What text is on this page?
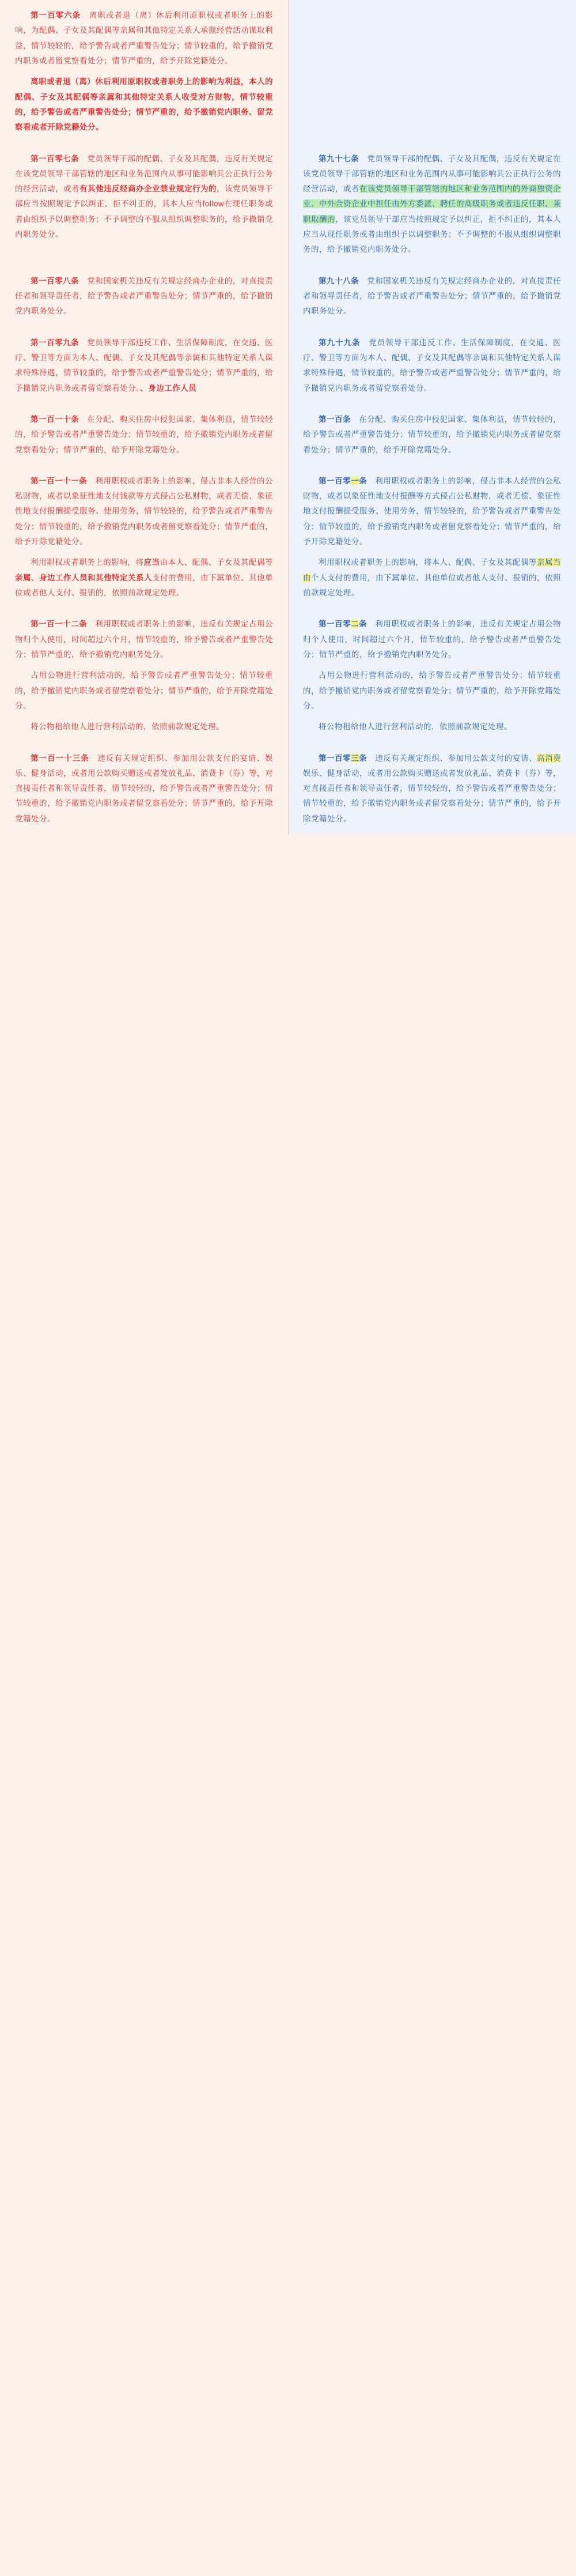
第一百零六条　离职或者退（离）休后利用原职权或者职务上的影响，为配偶、子女及其配偶等亲属和其他特定关系人承揽经营活动谋取利益，情节较轻的，给予警告或者严重警告处分；情节较重的，给予撤销党内职务或者留党察看处分；情节严重的，给予开除党籍处分。
离职或者退（离）休后利用原职权或者职务上的影响为利益，本人的配偶、子女及其配偶等亲属和其他特定关系人收受对方财物，情节较重的，给予警告或者严重警告处分；情节严重的，给予撤销党内职务、留党察看或者开除党籍处分。
第一百零七条　党员领导干部的配偶、子女及其配偶，违反有关规定在该党员领导干部管辖的地区和业务范围内从事可能影响其公正执行公务的经营活动，或者有其他违反经商办企业禁业规定行为的，该党员领导干部应当按照规定予以纠正，拒不纠正的，其本人应当follow在现任职务或者由组织予以调整职务；不予调整的不服从组织调整职务的，给予撤销党内职务处分。
第九十七条　党员领导干部的配偶、子女及其配偶，违反有关规定在该党员领导干部管辖的地区和业务范围内从事可能影响其公正执行公务的经营活动，或者在该党员领导干部管辖的地区和业务范围内的外商独资企业、中外合资企业中担任由外方委派、聘任的高级职务或者违反任职、兼职取酬的，该党员领导干部应当按照规定予以纠正，拒不纠正的，其本人应当从现任职务或者由组织予以调整职务；不予调整的不服从组织调整职务的，给予撤销党内职务处分。
第一百零八条　党和国家机关违反有关规定经商办企业的，对直接责任者和领导责任者，给予警告或者严重警告处分；情节严重的，给予撤销党内职务处分。
第九十八条　党和国家机关违反有关规定经商办企业的，对直接责任者和领导责任者，给予警告或者严重警告处分；情节严重的，给予撤销党内职务处分。
第一百零九条　党员领导干部违反工作、生活保障制度，在交通、医疗、警卫等方面为本人、配偶、子女及其配偶等亲属和其他特定关系人谋求特殊待遇，情节较重的，给予警告或者严重警告处分；情节严重的，给予撤销党内职务或者留党察看处分。、身边工作人员
第九十九条　党员领导干部违反工作、生活保障制度，在交通、医疗、警卫等方面为本人、配偶、子女及其配偶等亲属和其他特定关系人谋求特殊待遇，情节较重的，给予警告或者严重警告处分；情节严重的，给予撤销党内职务或者留党察看处分。
第一百一十条　在分配、购买住房中侵犯国家、集体利益，情节较轻的，给予警告或者严重警告处分；情节较重的，给予撤销党内职务或者留党察看处分；情节严重的，给予开除党籍处分。
第一百条　在分配、购买住房中侵犯国家、集体利益，情节较轻的，给予警告或者严重警告处分；情节较重的，给予撤销党内职务或者留党察看处分；情节严重的，给予开除党籍处分。
第一百一十一条　利用职权或者职务上的影响，侵占非本人经营的公私财物，或者以象征性地支付钱款等方式侵占公私财物，或者无偿、象征性地支付报酬提受服务、使用劳务，情节较轻的，给予警告或者严重警告处分；情节较重的，给予撤销党内职务或者留党察看处分；情节严重的，给予开除党籍处分。
利用职权或者职务上的影响，将应当由本人、配偶、子女及其配偶等亲属、身边工作人员和其他特定关系人支付的费用，由下属单位、其他单位或者他人支付、报销的，依照前款规定处理。
第一百零一条　利用职权或者职务上的影响，侵占非本人经营的公私财物，或者以象征性地支付报酬等方式侵占公私财物，或者无偿、象征性地支付报酬提受服务、使用劳务，情节较轻的，给予警告或者严重警告处分；情节较重的，给予撤销党内职务或者留党察看处分；情节严重的，给予开除党籍处分。
利用职权或者职务上的影响，将本人、配偶、子女及其配偶等亲属当由个人支付的费用，由下属单位、其他单位或者他人支付、报销的，依照前款规定处理。
第一百一十二条　利用职权或者职务上的影响，违反有关规定占用公物归个人使用，时间超过六个月，情节较重的，给予警告或者严重警告处分；情节严重的，给予撤销党内职务处分。
占用公物进行营利活动的，给予警告或者严重警告处分；情节较重的，给予撤销党内职务或者留党察看处分；情节严重的，给予开除党籍处分。
将公物租给他人进行营利活动的，依照前款规定处理。
第一百零二条　利用职权或者职务上的影响，违反有关规定占用公物归个人使用，时间超过六个月，情节较重的，给予警告或者严重警告处分；情节严重的，给予撤销党内职务处分。
占用公物进行营利活动的，给予警告或者严重警告处分；情节较重的，给予撤销党内职务或者留党察看处分；情节严重的，给予开除党籍处分。
将公物租给他人进行营利活动的，依照前款规定处理。
第一百一十三条　违反有关规定组织、参加用公款支付的宴请、娱乐、健身活动，或者用公款购买赠送或者发放礼品、消费卡（券）等，对直接责任者和领导责任者，情节较轻的，给予警告或者严重警告处分；情节较重的，给予撤销党内职务或者留党察看处分；情节严重的，给予开除党籍处分。
第一百零三条　违反有关规定组织、参加用公款支付的宴请、高消费娱乐、健身活动，或者用公款购买赠送或者发放礼品、消费卡（券）等，对直接责任者和领导责任者，情节较轻的，给予警告或者严重警告处分；情节较重的，给予撤销党内职务或者留党察看处分；情节严重的，给予开除党籍处分。
